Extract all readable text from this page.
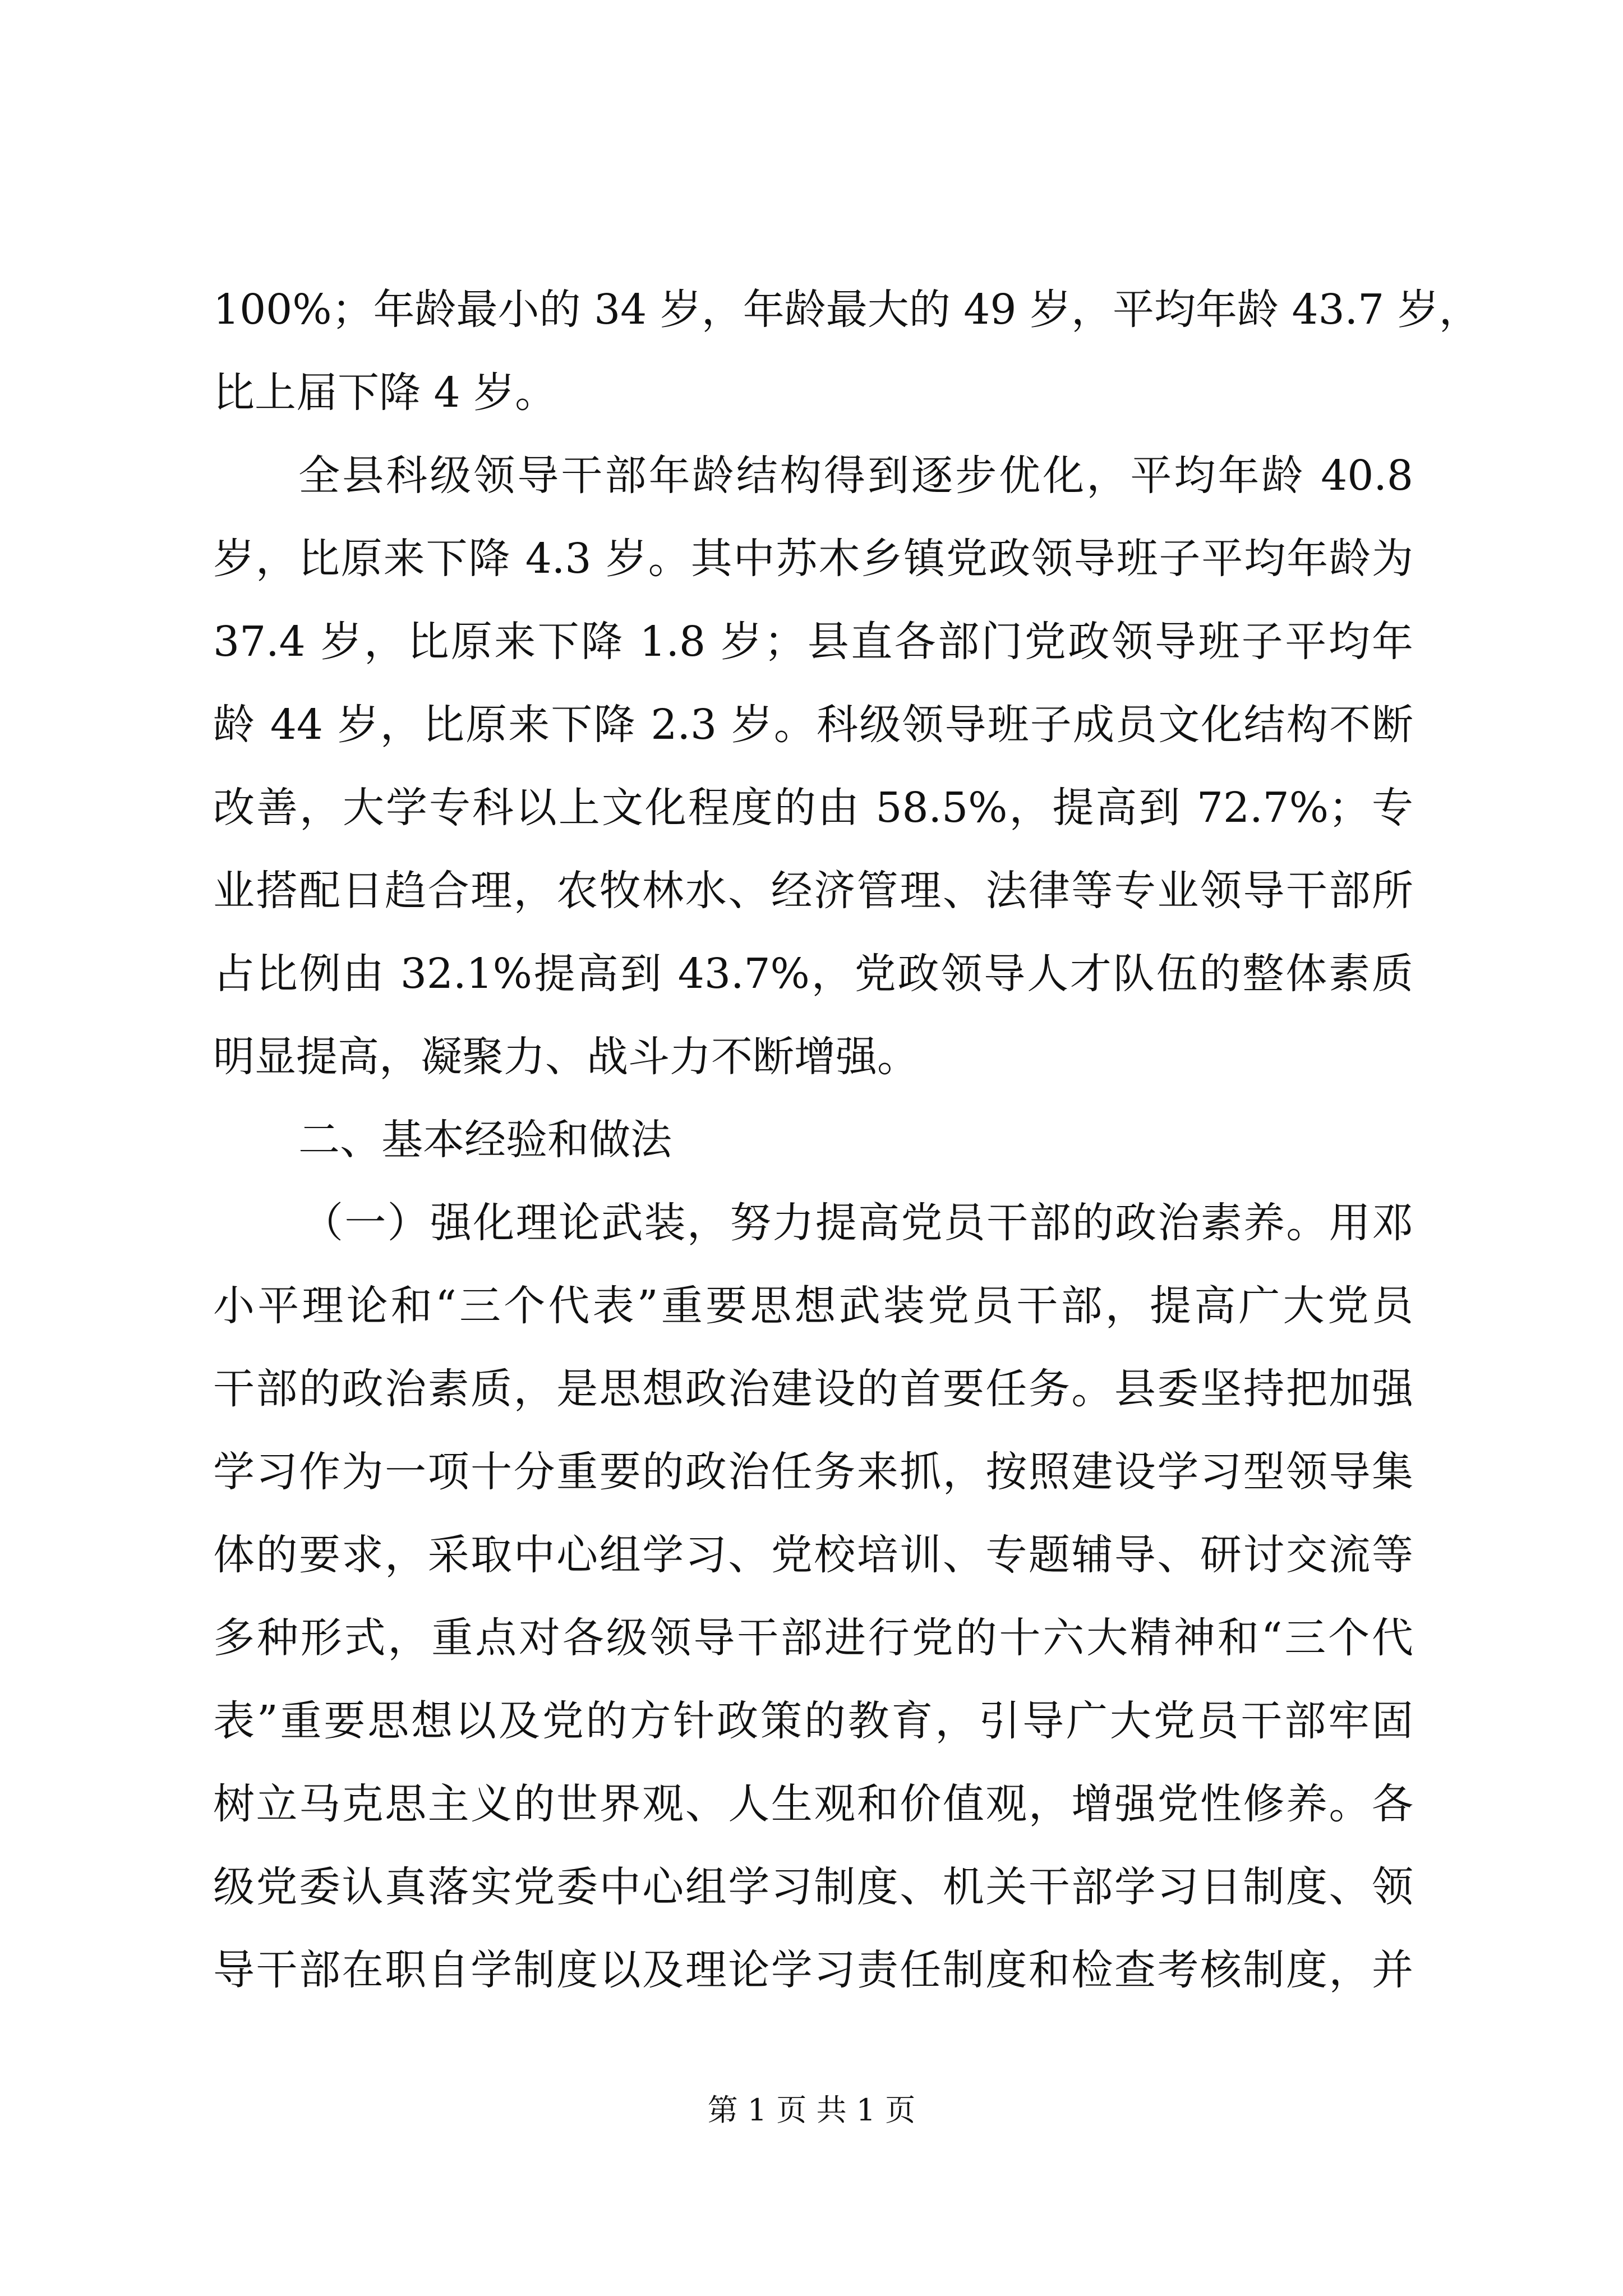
100%；年龄最小的 34 岁，年龄最大的 49 岁，平均年龄 43.7 岁，
比上届下降 4 岁。
全县科级领导干部年龄结构得到逐步优化，平均年龄 40.8
岁，比原来下降 4.3 岁。其中苏木乡镇党政领导班子平均年龄为
37.4 岁，比原来下降 1.8 岁；县直各部门党政领导班子平均年
龄 44 岁，比原来下降 2.3 岁。科级领导班子成员文化结构不断
改善，大学专科以上文化程度的由 58.5%，提高到 72.7%；专
业搭配日趋合理，农牧林水、经济管理、法律等专业领导干部所
占比例由 32.1%提高到 43.7%，党政领导人才队伍的整体素质
明显提高，凝聚力、战斗力不断增强。
二、基本经验和做法
（一）强化理论武装，努力提高党员干部的政治素养。用邓
小平理论和“三个代表”重要思想武装党员干部，提高广大党员
干部的政治素质，是思想政治建设的首要任务。县委坚持把加强
学习作为一项十分重要的政治任务来抓，按照建设学习型领导集
体的要求，采取中心组学习、党校培训、专题辅导、研讨交流等
多种形式，重点对各级领导干部进行党的十六大精神和“三个代
表”重要思想以及党的方针政策的教育，引导广大党员干部牢固
树立马克思主义的世界观、人生观和价值观，增强党性修养。各
级党委认真落实党委中心组学习制度、机关干部学习日制度、领
导干部在职自学制度以及理论学习责任制度和检查考核制度，并
第 1 页 共 1 页
